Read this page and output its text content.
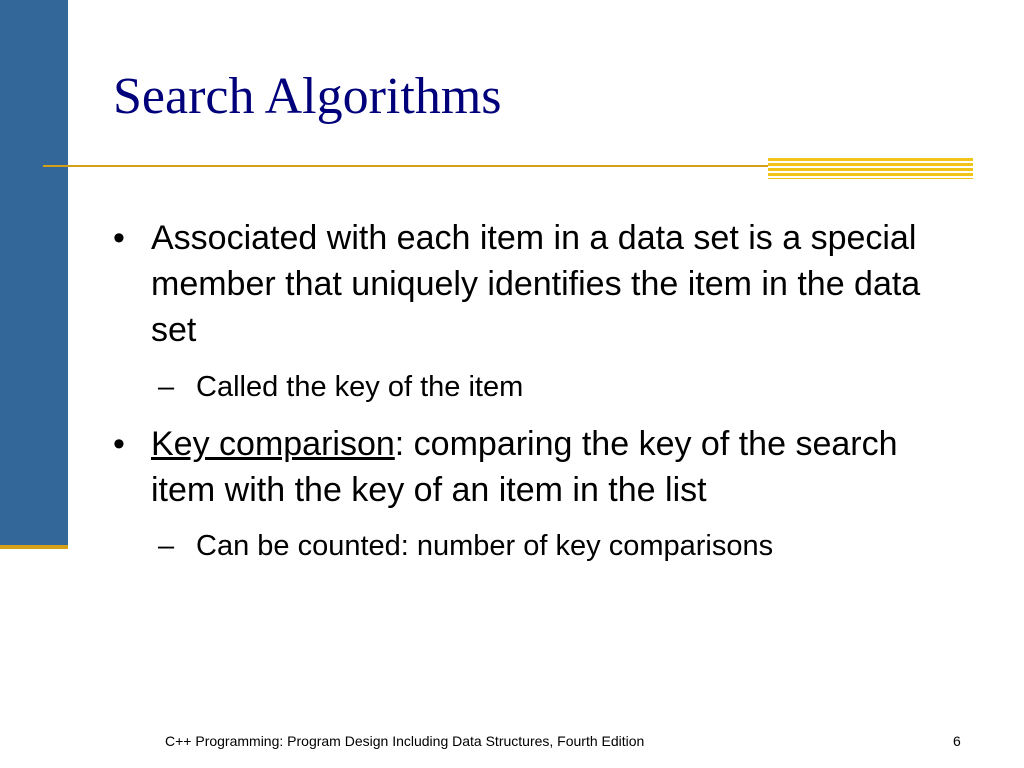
Search Algorithms
• Associated with each item in a data set is a special member that uniquely identifies the item in the data set
– Called the key of the item
• Key comparison: comparing the key of the search item with the key of an item in the list
– Can be counted: number of key comparisons
C++ Programming: Program Design Including Data Structures, Fourth Edition	6
